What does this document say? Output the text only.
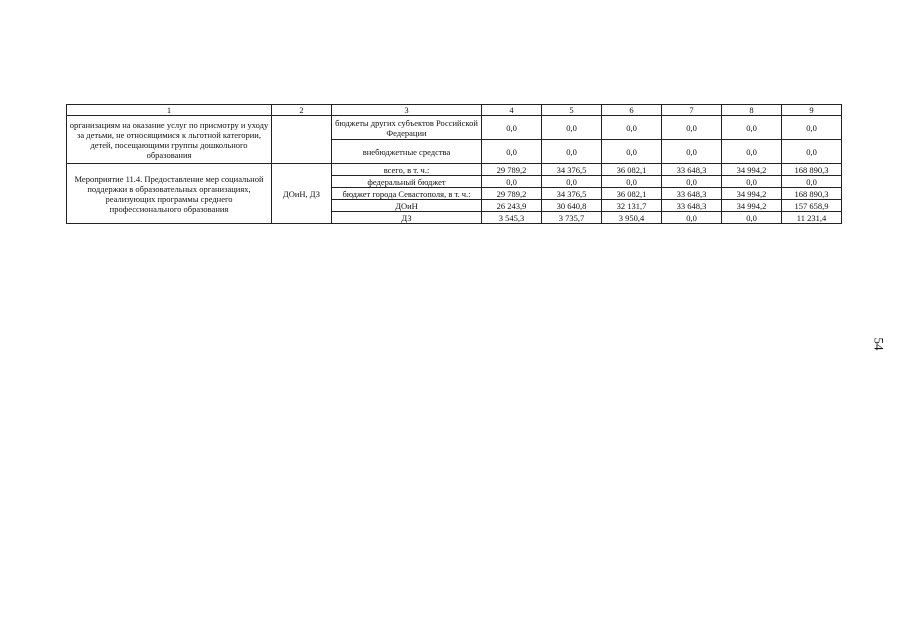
1	2	3	4	5	6	7	8	9
организациям на оказание услуг по присмотру и уходу за детьми, не относящимися к льготной категории, детей, посещающими группы дошкольного образования		бюджеты других субъектов Российской Федерации	0,0	0,0	0,0	0,0	0,0	0,0
		внебюджетные средства	0,0	0,0	0,0	0,0	0,0	0,0
Мероприятие 11.4. Предоставление мер социальной поддержки в образовательных организациях, реализующих программы среднего профессионального образования	ДОиН, ДЗ	всего, в т. ч.:	29 789,2	34 376,5	36 082,1	33 648,3	34 994,2	168 890,3
		федеральный бюджет	0,0	0,0	0,0	0,0	0,0	0,0
		бюджет города Севастополя, в т. ч.:	29 789,2	34 376,5	36 082,1	33 648,3	34 994,2	168 890,3
		ДОиН	26 243,9	30 640,8	32 131,7	33 648,3	34 994,2	157 658,9
		ДЗ	3 545,3	3 735,7	3 950,4	0,0	0,0	11 231,4
54
